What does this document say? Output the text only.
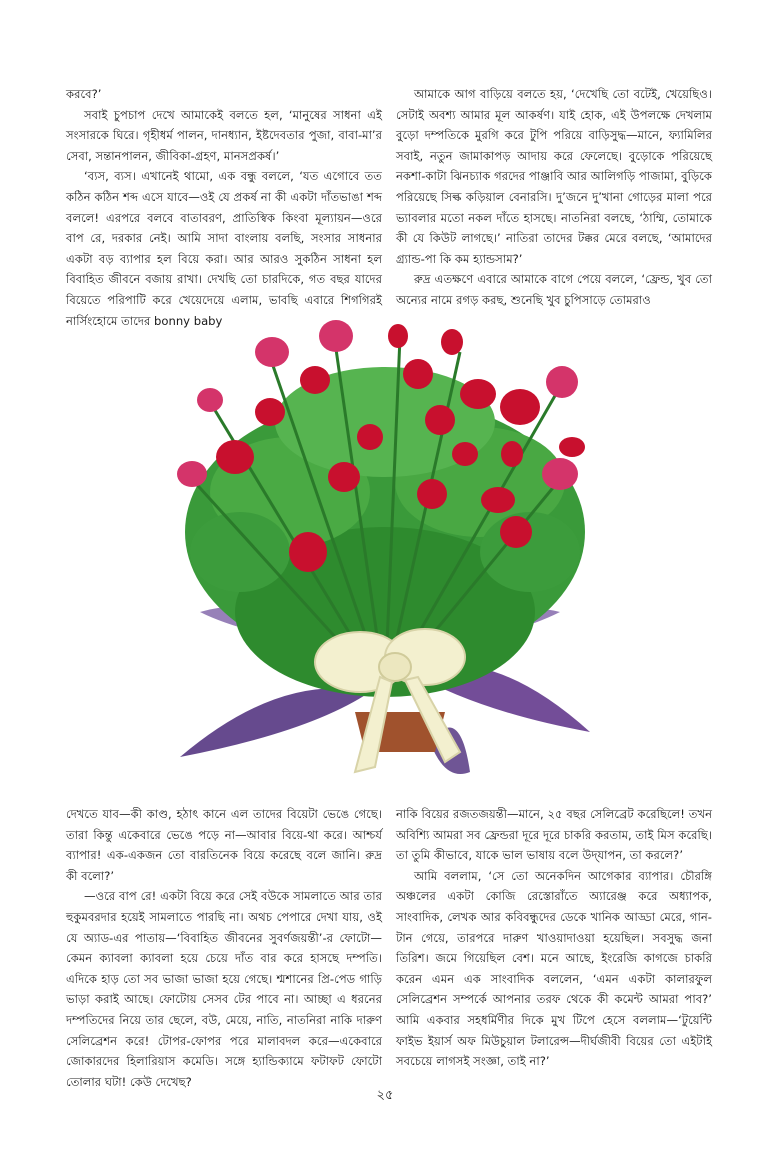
করবে?’

সবাই চুপচাপ দেখে আমাকেই বলতে হল, ‘মানুষের সাধনা এই সংসারকে ঘিরে। গৃহীধর্ম পালন, দানধ্যান, ইষ্টদেবতার পুজা, বাবা-মা’র সেবা, সন্তানপালন, জীবিকা-গ্রহণ, মানসপ্রকর্ষ।’

‘ব্যস, ব্যস। এখানেই থামো, এক বন্ধু বললে, ‘যত এগোবে তত কঠিন কঠিন শব্দ এসে যাবে—ওই যে প্রকর্ষ না কী একটা দাঁতভাঙা শব্দ বললে! এরপরে বলবে বাতাবরণ, প্রাতিস্বিক কিংবা মূল্যায়ন—ওরে বাপ রে, দরকার নেই। আমি সাদা বাংলায় বলছি, সংসার সাধনার একটা বড় ব্যাপার হল বিয়ে করা। আর আরও সুকঠিন সাধনা হল বিবাহিত জীবনে বজায় রাখা। দেখছি তো চারদিকে, গত বছর যাদের বিয়েতে পরিপাটি করে খেয়েদেয়ে এলাম, ভাবছি এবারে শিগগিরই নার্সিংহোমে তাদের bonny baby

আমাকে আগ বাড়িয়ে বলতে হয়, ‘দেখেছি তো বটেই, খেয়েছিও। সেটাই অবশ্য আমার মূল আকর্ষণ। যাই হোক, এই উপলক্ষে দেখলাম বুড়ো দম্পতিকে মুরগি করে টুপি পরিয়ে বাড়িসুদ্ধ—মানে, ফ্যামিলির সবাই, নতুন জামাকাপড় আদায় করে ফেলেছে। বুড়োকে পরিয়েছে নকশা-কাটা ঝিনচ্যাক গরদের পাঞ্জাবি আর আলিগড়ি পাজামা, বুড়িকে পরিয়েছে সিল্ক কড়িয়াল বেনারসি। দু’জনে দু’খানা গোড়ের মালা পরে ভ্যাবলার মতো নকল দাঁতে হাসছে। নাতনিরা বলছে, ‘ঠাম্মি, তোমাকে কী যে কিউট লাগছে।’ নাতিরা তাদের টক্কর মেরে বলছে, ‘আমাদের গ্র্যান্ড-পা কি কম হ্যান্ডসাম?’

রুদ্র এতক্ষণে এবারে আমাকে বাগে পেয়ে বললে, ‘ফ্রেন্ড, খুব তো অন্যের নামে রগড় করছ, শুনেছি খুব চুপিসাড়ে তোমরাও

দেখতে যাব—কী কাণ্ড, হঠাৎ কানে এল তাদের বিয়েটা ভেঙে গেছে। তারা কিন্তু একেবারে ভেঙে পড়ে না—আবার বিয়ে-থা করে। আশ্চর্য ব্যাপার! এক-একজন তো বারতিনেক বিয়ে করেছে বলে জানি। রুদ্র কী বলো?’

—ওরে বাপ রে! একটা বিয়ে করে সেই বউকে সামলাতে আর তার হুকুমবরদার হয়েই সামলাতে পারছি না। অথচ পেপারে দেখা যায়, ওই যে অ্যাড-এর পাতায়—‘বিবাহিত জীবনের সুবর্ণজয়ন্তী’-র ফোটো—কেমন ক্যাবলা ক্যাবলা হয়ে চেয়ে দাঁত বার করে হাসছে দম্পতি। এদিকে হাড় তো সব ভাজা ভাজা হয়ে গেছে। শ্মশানের প্রি-পেড গাড়ি ভাড়া করাই আছে। ফোটোয় সেসব টের পাবে না। আচ্ছা এ ধরনের দম্পতিদের নিয়ে তার ছেলে, বউ, মেয়ে, নাতি, নাতনিরা নাকি দারুণ সেলিব্রেশন করে! টোপর-ফোপর পরে মালাবদল করে—একেবারে জোকারদের হিলারিয়াস কমেডি। সঙ্গে হ্যান্ডিক্যামে ফটাফট ফোটো তোলার ঘটা! কেউ দেখেছ?

নাকি বিয়ের রজতজয়ন্তী—মানে, ২৫ বছর সেলিব্রেট করেছিলে! তখন অবিশ্যি আমরা সব ফ্রেন্ডরা দূরে দূরে চাকরি করতাম, তাই মিস করেছি। তা তুমি কীভাবে, যাকে ভাল ভাষায় বলে উদ্‌যাপন, তা করলে?’

আমি বললাম, ‘সে তো অনেকদিন আগেকার ব্যাপার। চৌরঙ্গি অঞ্চলের একটা কোজি রেস্তোরাঁতে অ্যারেঞ্জ করে অধ্যাপক, সাংবাদিক, লেখক আর কবিবন্ধুদের ডেকে খানিক আড্ডা মেরে, গান-টান গেয়ে, তারপরে দারুণ খাওয়াদাওয়া হয়েছিল। সবসুদ্ধ জনা তিরিশ। জমে গিয়েছিল বেশ। মনে আছে, ইংরেজি কাগজে চাকরি করেন এমন এক সাংবাদিক বললেন, ‘এমন একটা কালারফুল সেলিব্রেশন সম্পর্কে আপনার তরফ থেকে কী কমেন্ট আমরা পাব?’ আমি একবার সহধর্মিণীর দিকে মুখ টিপে হেসে বললাম—‘টুয়েন্টি ফাইভ ইয়ার্স অফ মিউচুয়াল টলারেন্স—দীর্ঘজীবী বিয়ের তো এইটাই সবচেয়ে লাগসই সংজ্ঞা, তাই না?’

২৫
